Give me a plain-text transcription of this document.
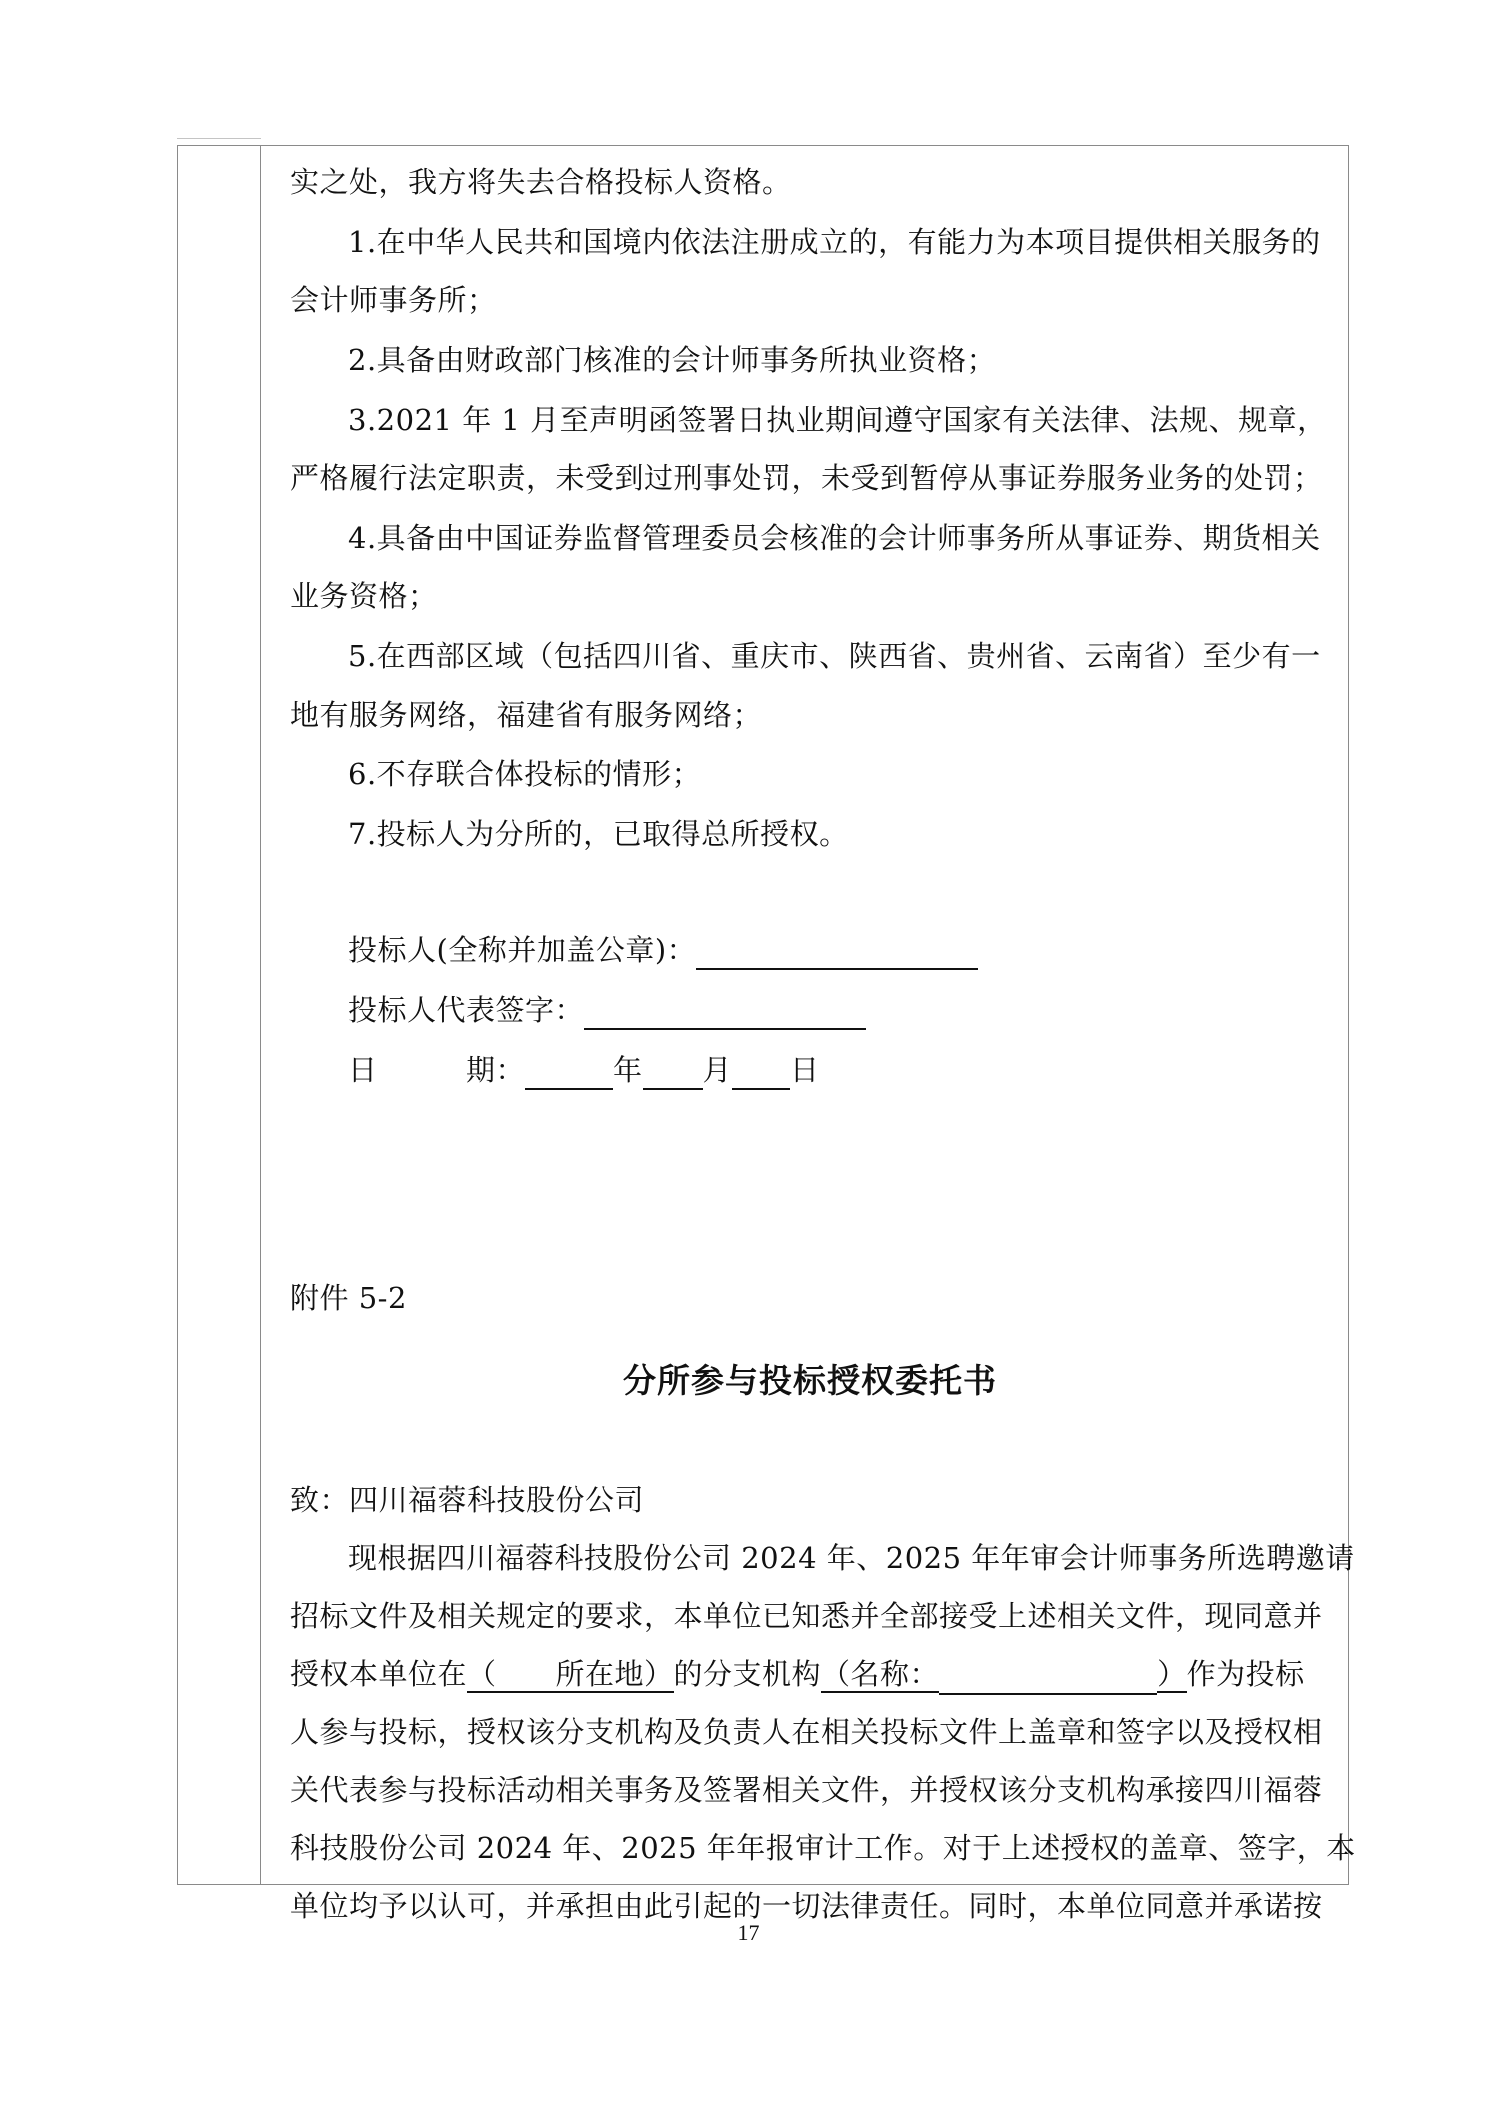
实之处，我方将失去合格投标人资格。
1.在中华人民共和国境内依法注册成立的，有能力为本项目提供相关服务的
会计师事务所；
2.具备由财政部门核准的会计师事务所执业资格；
3.2021 年 1 月至声明函签署日执业期间遵守国家有关法律、法规、规章，
严格履行法定职责，未受到过刑事处罚，未受到暂停从事证券服务业务的处罚；
4.具备由中国证券监督管理委员会核准的会计师事务所从事证券、期货相关
业务资格；
5.在西部区域（包括四川省、重庆市、陕西省、贵州省、云南省）至少有一
地有服务网络，福建省有服务网络；
6.不存联合体投标的情形；
7.投标人为分所的，已取得总所授权。
投标人(全称并加盖公章)：
投标人代表签字：
日　　　期：	年 月 日
附件 5-2
分所参与投标授权委托书
致：四川福蓉科技股份公司
现根据四川福蓉科技股份公司 2024 年、2025 年年审会计师事务所选聘邀请
招标文件及相关规定的要求，本单位已知悉并全部接受上述相关文件，现同意并
授权本单位在（　　所在地）的分支机构（名称：	）作为投标
人参与投标，授权该分支机构及负责人在相关投标文件上盖章和签字以及授权相
关代表参与投标活动相关事务及签署相关文件，并授权该分支机构承接四川福蓉
科技股份公司 2024 年、2025 年年报审计工作。对于上述授权的盖章、签字，本
单位均予以认可，并承担由此引起的一切法律责任。同时，本单位同意并承诺按
17
